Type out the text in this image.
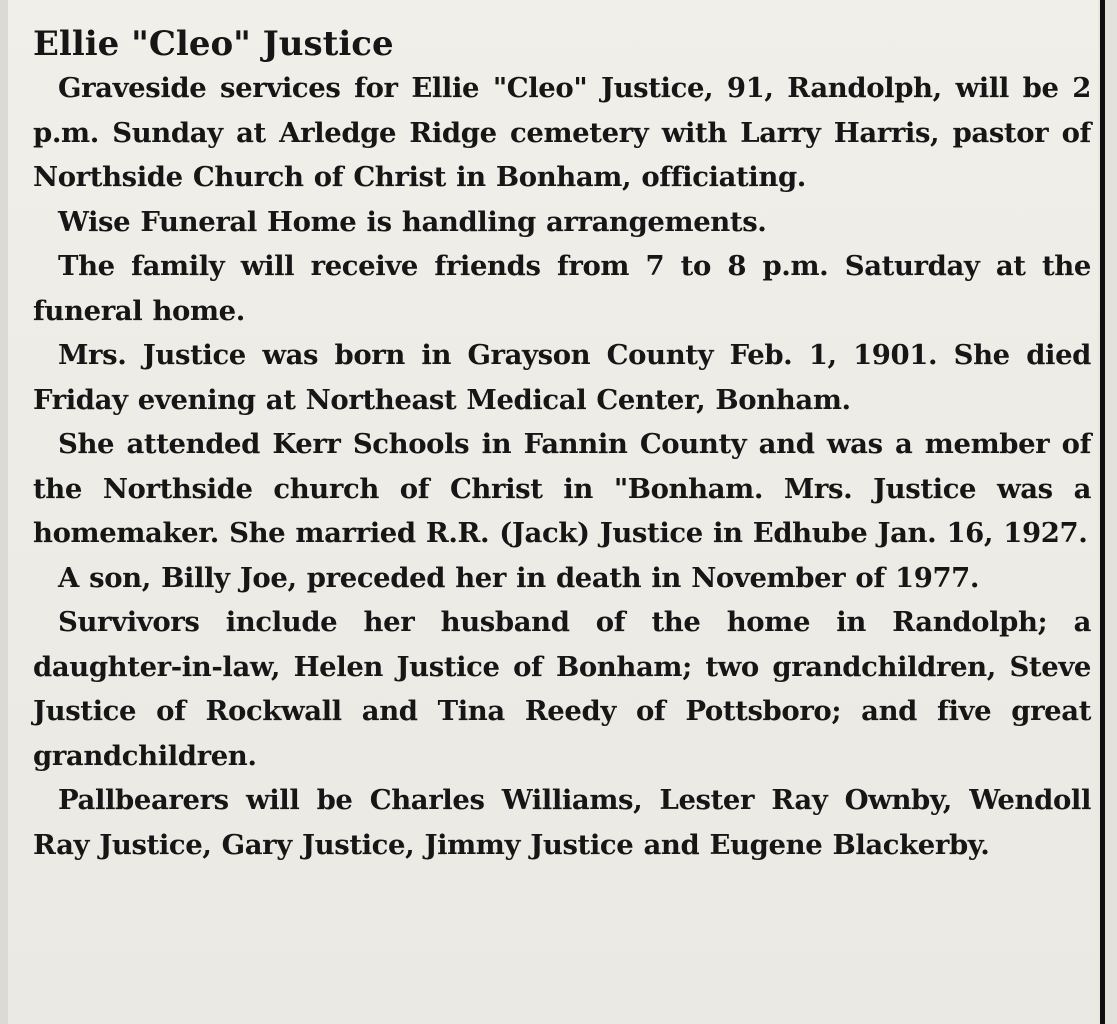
Ellie "Cleo" Justice

Graveside services for Ellie "Cleo" Justice, 91, Randolph, will be 2 p.m. Sunday at Arledge Ridge cemetery with Larry Harris, pastor of Northside Church of Christ in Bonham, officiating.

Wise Funeral Home is handling arrangements.

The family will receive friends from 7 to 8 p.m. Saturday at the funeral home.

Mrs. Justice was born in Grayson County Feb. 1, 1901. She died Friday evening at Northeast Medical Center, Bonham.

She attended Kerr Schools in Fannin County and was a member of the Northside church of Christ in "Bonham. Mrs. Justice was a homemaker. She married R.R. (Jack) Justice in Edhube Jan. 16, 1927.

A son, Billy Joe, preceded her in death in November of 1977.

Survivors include her husband of the home in Randolph; a daughter-in-law, Helen Justice of Bonham; two grandchildren, Steve Justice of Rockwall and Tina Reedy of Pottsboro; and five great grandchildren.

Pallbearers will be Charles Williams, Lester Ray Ownby, Wendoll Ray Justice, Gary Justice, Jimmy Justice and Eugene Blackerby.
